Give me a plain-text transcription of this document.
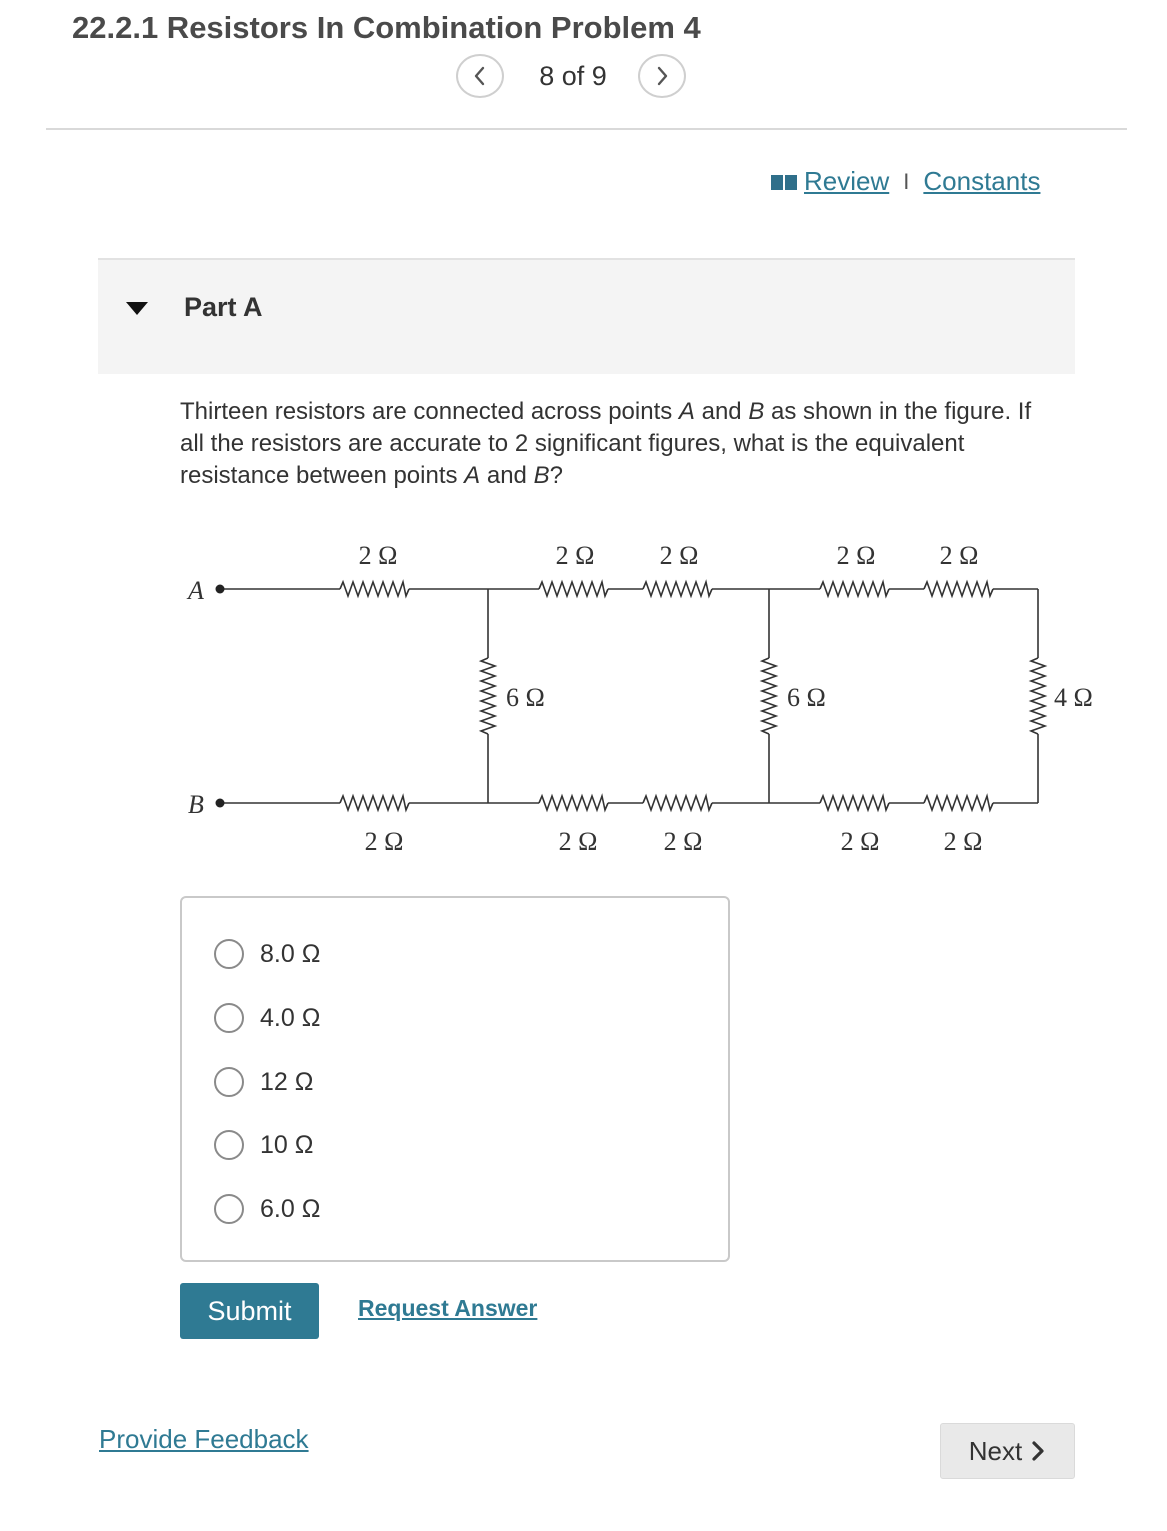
22.2.1 Resistors In Combination Problem 4
8 of 9
Review I Constants
Part A

Thirteen resistors are connected across points A and B as shown in the figure. If all the resistors are accurate to 2 significant figures, what is the equivalent resistance between points A and B?

A
B
2 Ω	2 Ω	2 Ω	2 Ω 2 Ω
6 Ω	6 Ω	4 Ω
2 Ω	2 Ω	2 Ω	2 Ω 2 Ω
8.0 Ω
4.0 Ω
12 Ω
10 Ω
6.0 Ω
Submit	Request Answer
Provide Feedback	Next
